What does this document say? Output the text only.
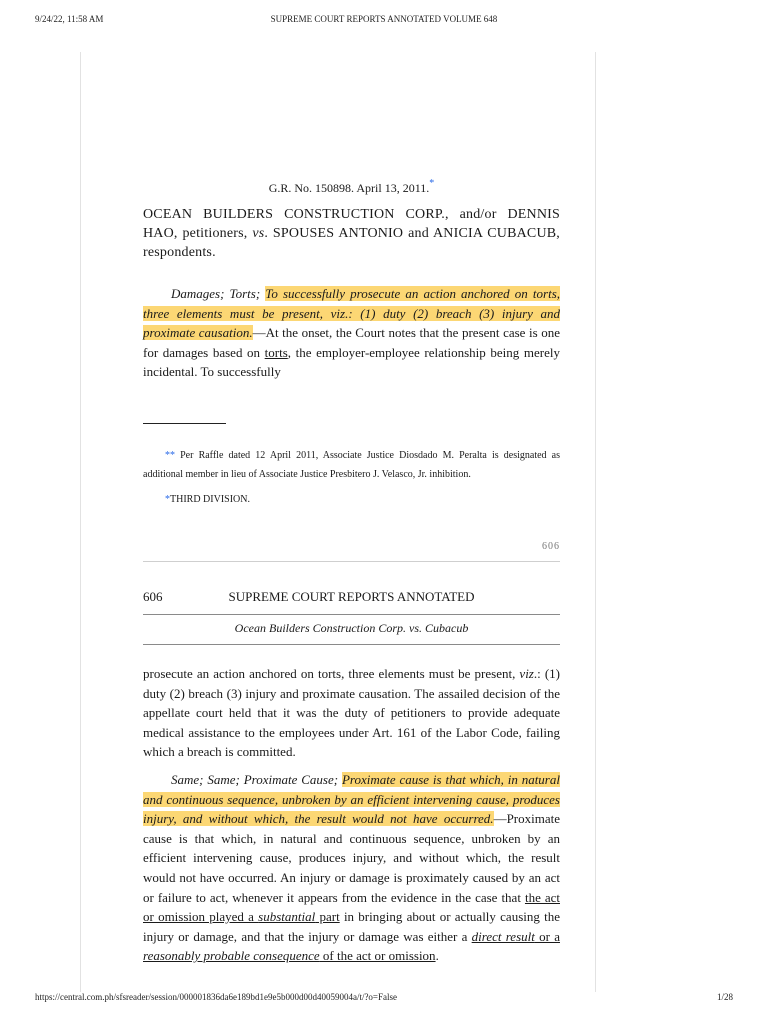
9/24/22, 11:58 AM	SUPREME COURT REPORTS ANNOTATED VOLUME 648
G.R. No. 150898. April 13, 2011.*
OCEAN BUILDERS CONSTRUCTION CORP., and/or DENNIS HAO, petitioners, vs. SPOUSES ANTONIO and ANICIA CUBACUB, respondents.

Damages; Torts; To successfully prosecute an action anchored on torts, three elements must be present, viz.: (1) duty (2) breach (3) injury and proximate causation.—At the onset, the Court notes that the present case is one for damages based on torts, the employer-employee relationship being merely incidental. To successfully

** Per Raffle dated 12 April 2011, Associate Justice Diosdado M. Peralta is designated as additional member in lieu of Associate Justice Presbitero J. Velasco, Jr. inhibition.
*THIRD DIVISION.
606
606	SUPREME COURT REPORTS ANNOTATED
Ocean Builders Construction Corp. vs. Cubacub

prosecute an action anchored on torts, three elements must be present, viz.: (1) duty (2) breach (3) injury and proximate causation. The assailed decision of the appellate court held that it was the duty of petitioners to provide adequate medical assistance to the employees under Art. 161 of the Labor Code, failing which a breach is committed.

Same; Same; Proximate Cause; Proximate cause is that which, in natural and continuous sequence, unbroken by an efficient intervening cause, produces injury, and without which, the result would not have occurred.—Proximate cause is that which, in natural and continuous sequence, unbroken by an efficient intervening cause, produces injury, and without which, the result would not have occurred. An injury or damage is proximately caused by an act or failure to act, whenever it appears from the evidence in the case that the act or omission played a substantial part in bringing about or actually causing the injury or damage, and that the injury or damage was either a direct result or a reasonably probable consequence of the act or omission.

https://central.com.ph/sfsreader/session/000001836da6e189bd1e9e5b000d00d40059004a/t/?o=False	1/28
